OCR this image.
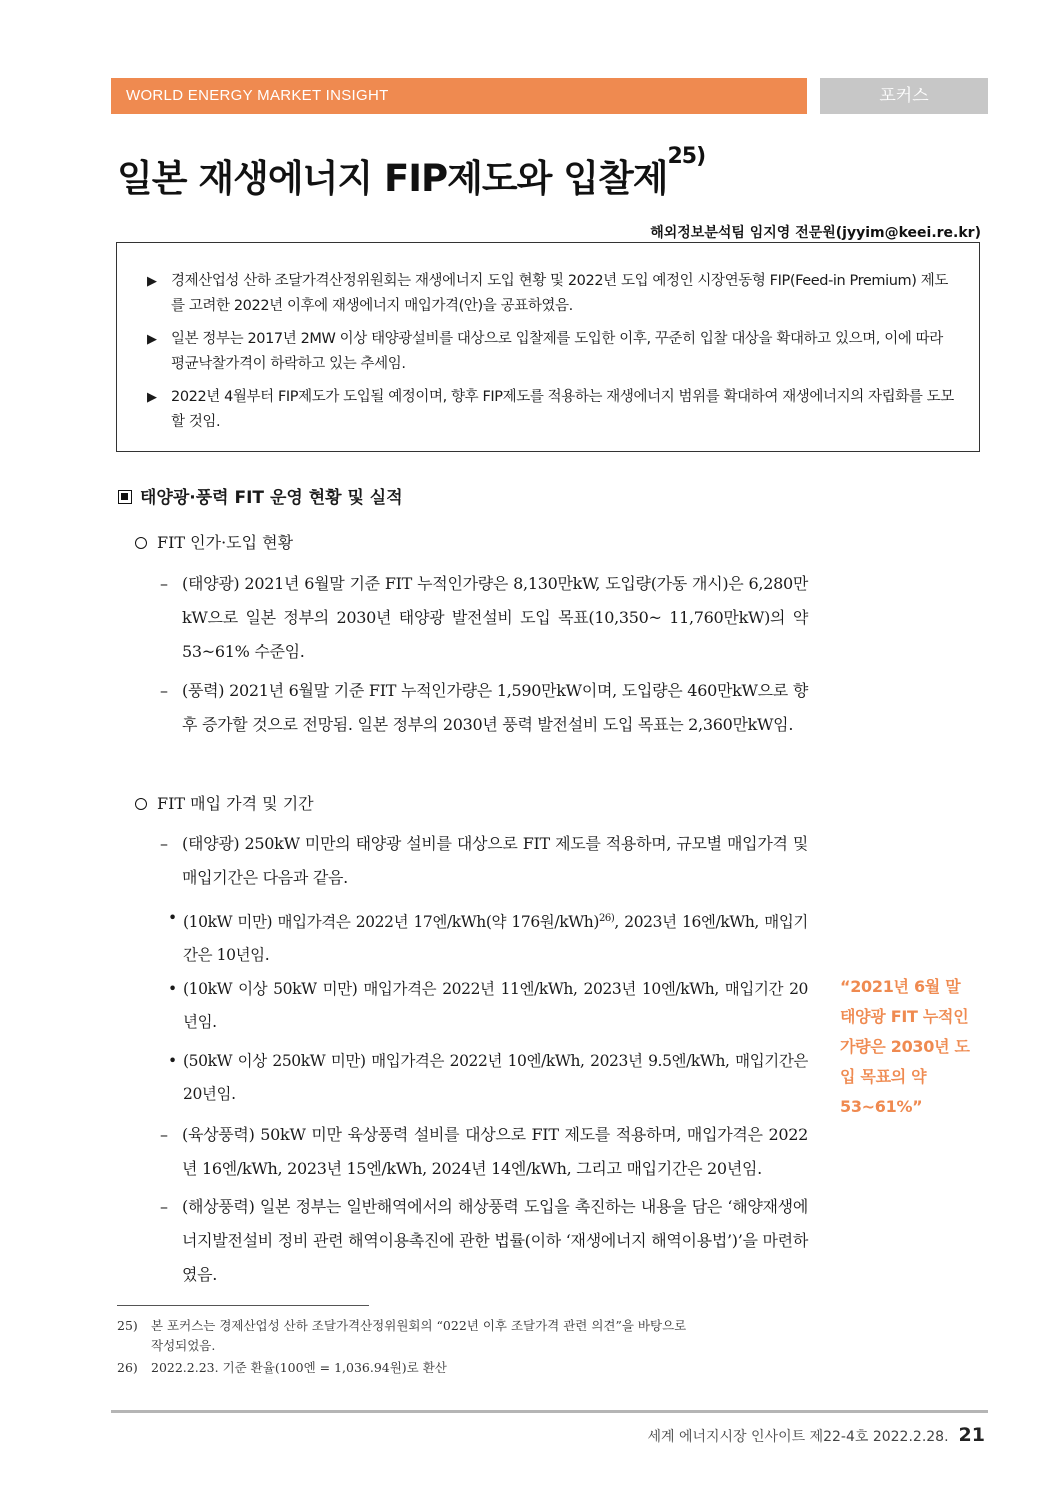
WORLD ENERGY MARKET INSIGHT	포커스
일본 재생에너지 FIP제도와 입찰제$^{25)}$
해외정보분석팀 임지영 전문원(jyyim@keei.re.kr)
▶ 경제산업성 산하 조달가격산정위원회는 재생에너지 도입 현황 및 2022년 도입 예정인 시장연동형 FIP(Feed-in Premium) 제도를 고려한 2022년 이후에 재생에너지 매입가격(안)을 공표하였음.
▶ 일본 정부는 2017년 2MW 이상 태양광설비를 대상으로 입찰제를 도입한 이후, 꾸준히 입찰 대상을 확대하고 있으며, 이에 따라 평균낙찰가격이 하락하고 있는 추세임.
▶ 2022년 4월부터 FIP제도가 도입될 예정이며, 향후 FIP제도를 적용하는 재생에너지 범위를 확대하여 재생에너지의 자립화를 도모할 것임.
태양광·풍력 FIT 운영 현황 및 실적
FIT 인가·도입 현황
– (태양광) 2021년 6월말 기준 FIT 누적인가량은 8,130만kW, 도입량(가동 개시)은 6,280만kW으로 일본 정부의 2030년 태양광 발전설비 도입 목표(10,350~ 11,760만kW)의 약 53~61% 수준임.
– (풍력) 2021년 6월말 기준 FIT 누적인가량은 1,590만kW이며, 도입량은 460만kW으로 향후 증가할 것으로 전망됨. 일본 정부의 2030년 풍력 발전설비 도입 목표는 2,360만kW임.
FIT 매입 가격 및 기간
– (태양광) 250kW 미만의 태양광 설비를 대상으로 FIT 제도를 적용하며, 규모별 매입가격 및 매입기간은 다음과 같음.
• (10kW 미만) 매입가격은 2022년 17엔/kWh(약 176원/kWh)$^{26)}$, 2023년 16엔/kWh, 매입기간은 10년임.
• (10kW 이상 50kW 미만) 매입가격은 2022년 11엔/kWh, 2023년 10엔/kWh, 매입기간 20년임.
• (50kW 이상 250kW 미만) 매입가격은 2022년 10엔/kWh, 2023년 9.5엔/kWh, 매입기간은 20년임.
– (육상풍력) 50kW 미만 육상풍력 설비를 대상으로 FIT 제도를 적용하며, 매입가격은 2022년 16엔/kWh, 2023년 15엔/kWh, 2024년 14엔/kWh, 그리고 매입기간은 20년임.
– (해상풍력) 일본 정부는 일반해역에서의 해상풍력 도입을 촉진하는 내용을 담은 ‘해양재생에너지발전설비 정비 관련 해역이용촉진에 관한 법률(이하 ‘재생에너지 해역이용법’)’을 마련하였음.
“2021년 6월 말 태양광 FIT 누적인가량은 2030년 도입 목표의 약 53~61%”
25) 본 포커스는 경제산업성 산하 조달가격산정위원회의 “022년 이후 조달가격 관련 의견”을 바탕으로
작성되었음.
26) 2022.2.23. 기준 환율(100엔 = 1,036.94원)로 환산
세계 에너지시장 인사이트 제22-4호 2022.2.28. 21
